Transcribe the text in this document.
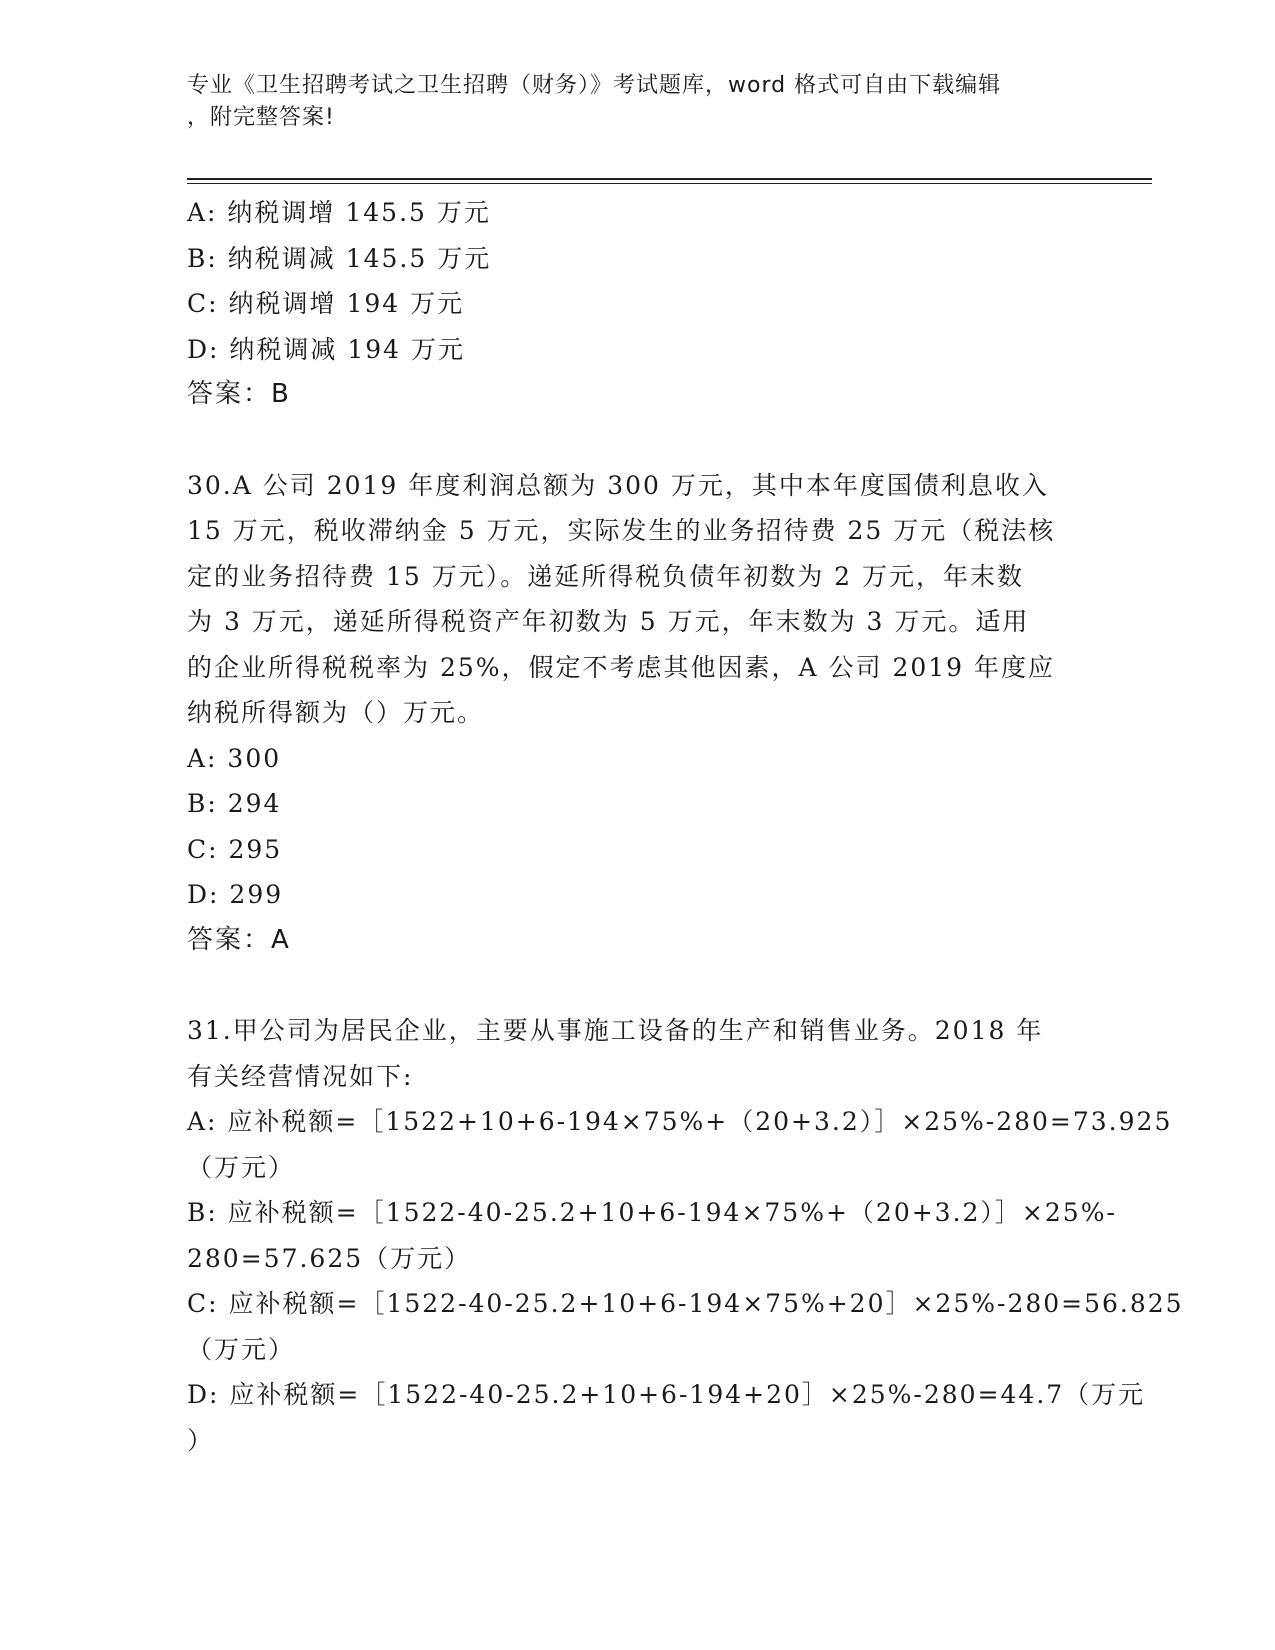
专业《卫生招聘考试之卫生招聘（财务）》考试题库，word 格式可自由下载编辑
，附完整答案!
A: 纳税调增 145.5 万元
B: 纳税调减 145.5 万元
C: 纳税调增 194 万元
D: 纳税调减 194 万元
答案：B
30.A 公司 2019 年度利润总额为 300 万元，其中本年度国债利息收入
15 万元，税收滞纳金 5 万元，实际发生的业务招待费 25 万元（税法核
定的业务招待费 15 万元）。递延所得税负债年初数为 2 万元，年末数
为 3 万元，递延所得税资产年初数为 5 万元，年末数为 3 万元。适用
的企业所得税税率为 25%，假定不考虑其他因素，A 公司 2019 年度应
纳税所得额为（）万元。
A: 300
B: 294
C: 295
D: 299
答案：A
31.甲公司为居民企业，主要从事施工设备的生产和销售业务。2018 年
有关经营情况如下:
A: 应补税额=［1522+10+6-194×75%+（20+3.2）］×25%-280=73.925
（万元）
B: 应补税额=［1522-40-25.2+10+6-194×75%+（20+3.2）］×25%-
280=57.625（万元）
C: 应补税额=［1522-40-25.2+10+6-194×75%+20］×25%-280=56.825
（万元）
D: 应补税额=［1522-40-25.2+10+6-194+20］×25%-280=44.7（万元
）
